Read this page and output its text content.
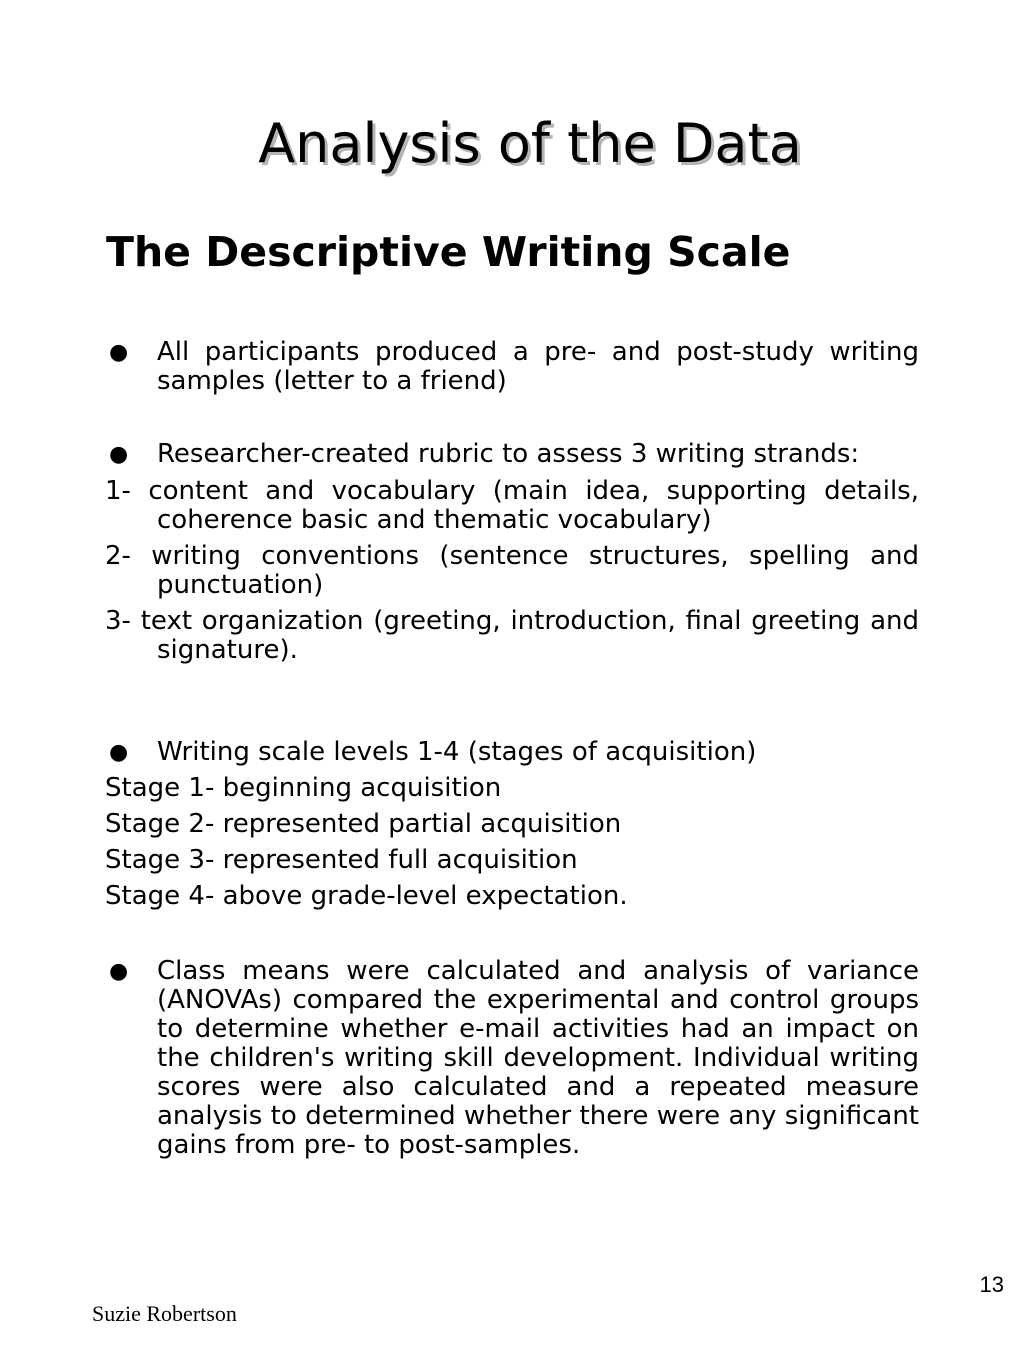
Analysis of the Data
The Descriptive Writing Scale
● All participants produced a pre- and post-study writing samples (letter to a friend)
● Researcher-created rubric to assess 3 writing strands:
1- content and vocabulary (main idea, supporting details, coherence basic and thematic vocabulary)
2- writing conventions (sentence structures, spelling and punctuation)
3- text organization (greeting, introduction, final greeting and signature).
● Writing scale levels 1-4 (stages of acquisition)
Stage 1- beginning acquisition
Stage 2- represented partial acquisition
Stage 3- represented full acquisition
Stage 4- above grade-level expectation.
● Class means were calculated and analysis of variance (ANOVAs) compared the experimental and control groups to determine whether e-mail activities had an impact on the children's writing skill development. Individual writing scores were also calculated and a repeated measure analysis to determined whether there were any significant gains from pre- to post-samples.
13
Suzie Robertson
